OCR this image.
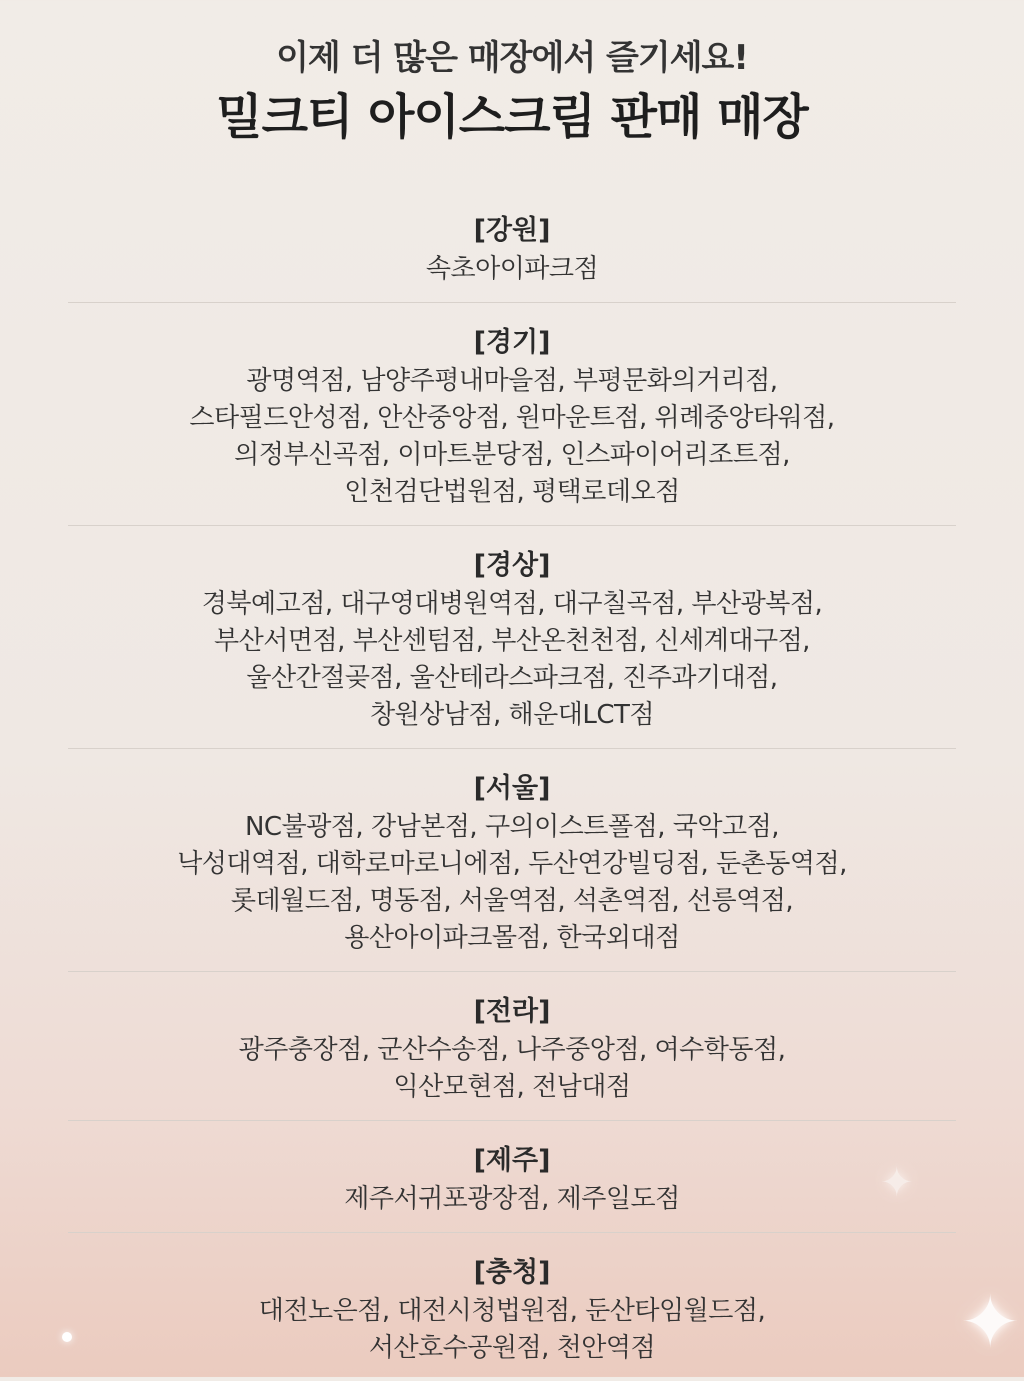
이제 더 많은 매장에서 즐기세요!
밀크티 아이스크림 판매 매장
[강원]
속초아이파크점
[경기]
광명역점, 남양주평내마을점, 부평문화의거리점,
스타필드안성점, 안산중앙점, 원마운트점, 위례중앙타워점,
의정부신곡점, 이마트분당점, 인스파이어리조트점,
인천검단법원점, 평택로데오점
[경상]
경북예고점, 대구영대병원역점, 대구칠곡점, 부산광복점,
부산서면점, 부산센텀점, 부산온천천점, 신세계대구점,
울산간절곶점, 울산테라스파크점, 진주과기대점,
창원상남점, 해운대LCT점
[서울]
NC불광점, 강남본점, 구의이스트폴점, 국악고점,
낙성대역점, 대학로마로니에점, 두산연강빌딩점, 둔촌동역점,
롯데월드점, 명동점, 서울역점, 석촌역점, 선릉역점,
용산아이파크몰점, 한국외대점
[전라]
광주충장점, 군산수송점, 나주중앙점, 여수학동점,
익산모현점, 전남대점
[제주]
제주서귀포광장점, 제주일도점
[충청]
대전노은점, 대전시청법원점, 둔산타임월드점,
서산호수공원점, 천안역점
✦
✦
